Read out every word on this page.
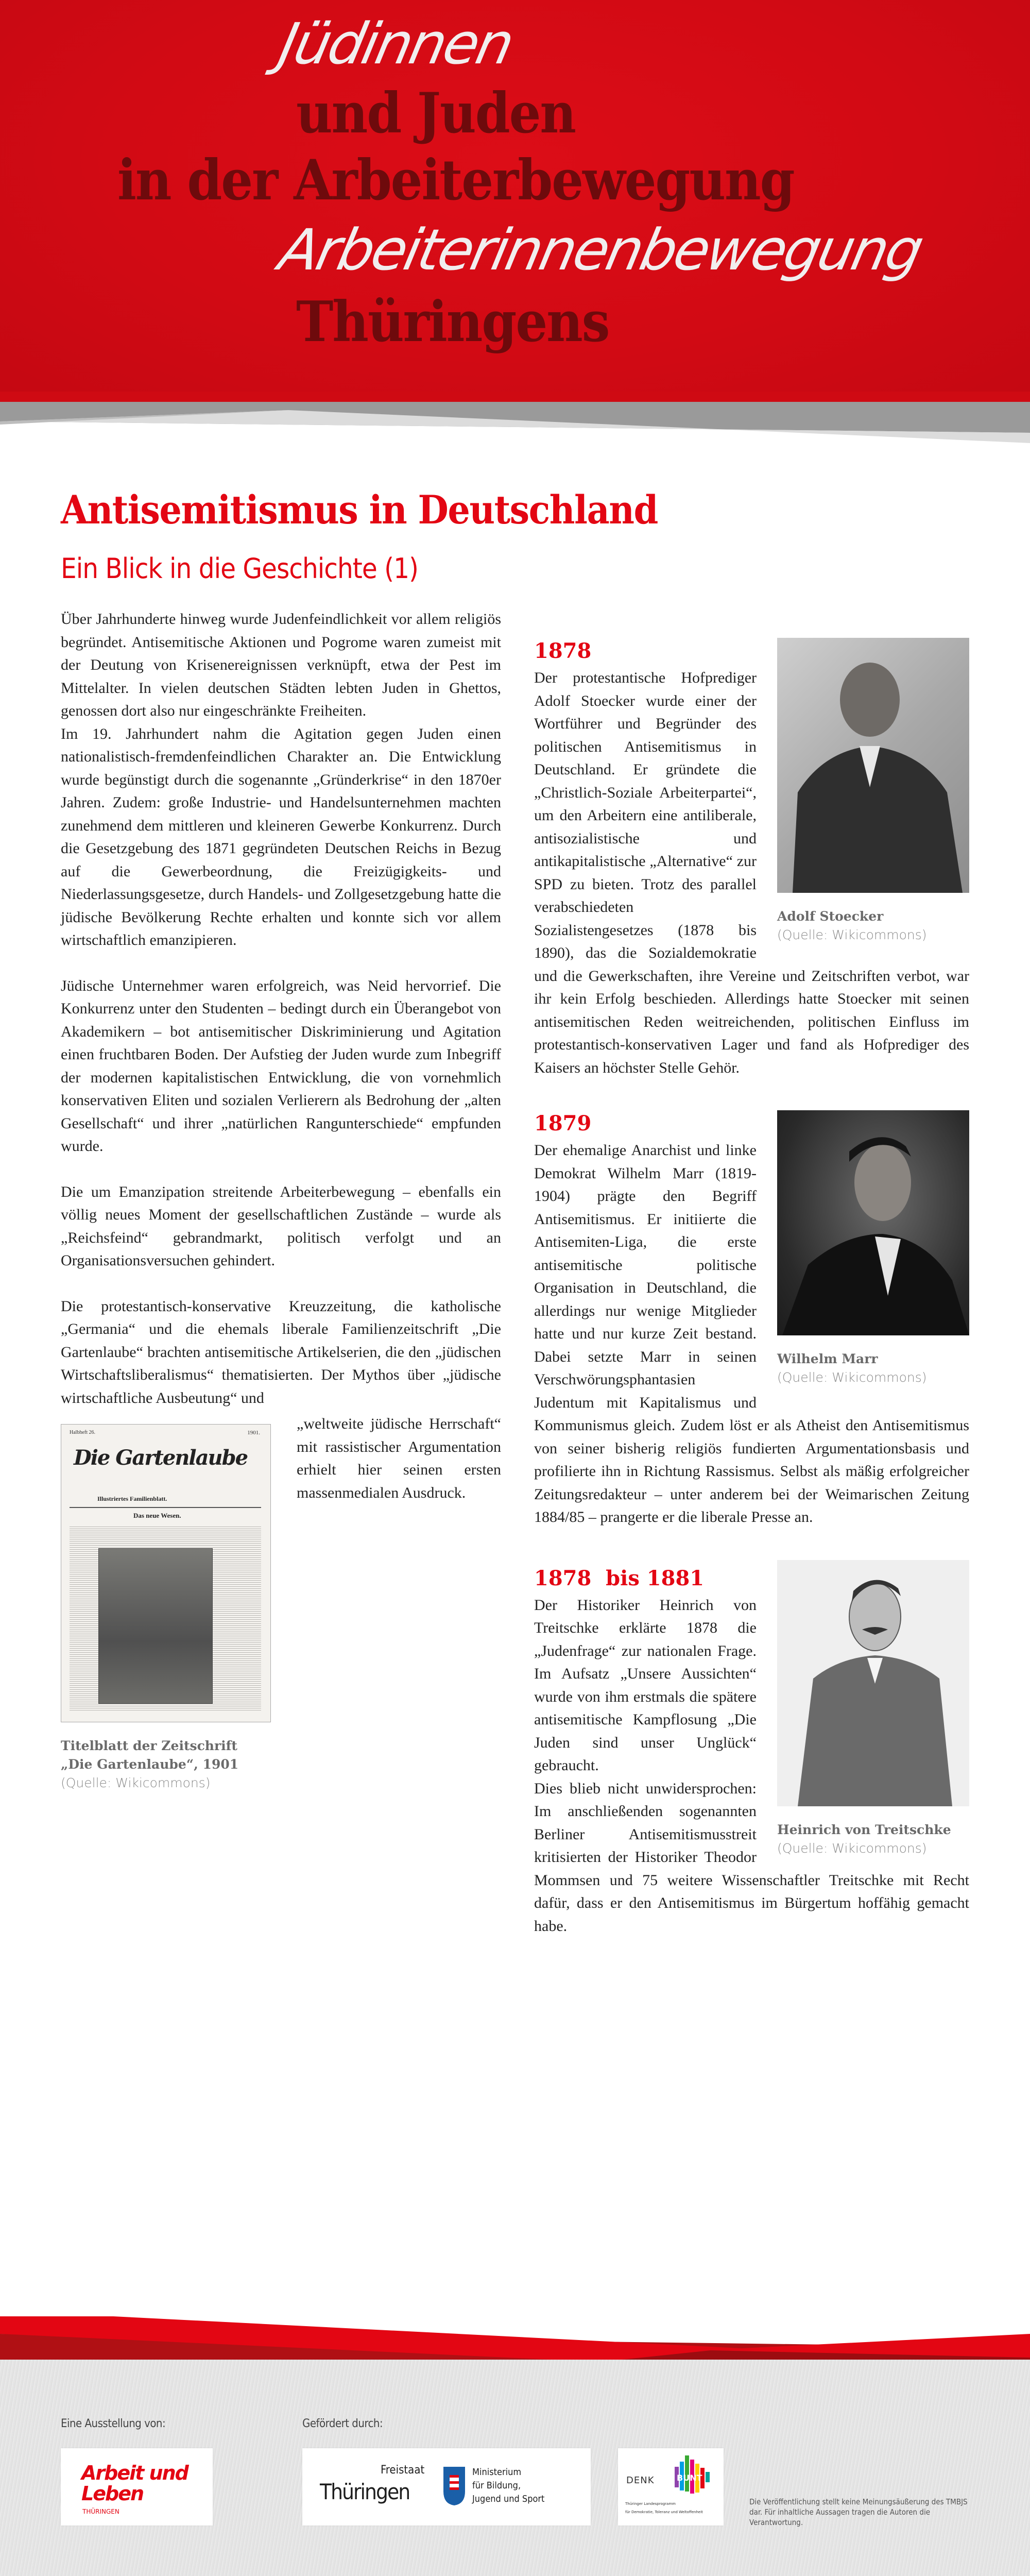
Jüdinnen
und Juden
in der Arbeiterbewegung
Arbeiterinnenbewegung
Thüringens
Antisemitismus in Deutschland
Ein Blick in die Geschichte (1)

Über Jahrhunderte hinweg wurde Judenfeindlichkeit vor allem religiös begründet. Antisemitische Aktionen und Pogrome waren zumeist mit der Deutung von Krisenereignissen verknüpft, etwa der Pest im Mittelalter. In vielen deutschen Städten lebten Juden in Ghettos, genossen dort also nur eingeschränkte Freiheiten.

Im 19. Jahrhundert nahm die Agitation gegen Juden einen nationalistisch-fremdenfeindlichen Charakter an. Die Entwicklung wurde begünstigt durch die sogenannte „Gründerkrise“ in den 1870er Jahren. Zudem: große Industrie- und Handelsunternehmen machten zunehmend dem mittleren und kleineren Gewerbe Konkurrenz. Durch die Gesetzgebung des 1871 gegründeten Deutschen Reichs in Bezug auf die Gewerbeordnung, die Freizügigkeits- und Niederlassungsgesetze, durch Handels- und Zollgesetzgebung hatte die jüdische Bevölkerung Rechte erhalten und konnte sich vor allem wirtschaftlich emanzipieren.

Jüdische Unternehmer waren erfolgreich, was Neid hervorrief. Die Konkurrenz unter den Studenten – bedingt durch ein Überangebot von Akademikern – bot antisemitischer Diskriminierung und Agitation einen fruchtbaren Boden. Der Aufstieg der Juden wurde zum Inbegriff der modernen kapitalistischen Entwicklung, die von vornehmlich konservativen Eliten und sozialen Verlierern als Bedrohung der „alten Gesellschaft“ und ihrer „natürlichen Rangunterschiede“ empfunden wurde.

Die um Emanzipation streitende Arbeiterbewegung – ebenfalls ein völlig neues Moment der gesellschaftlichen Zustände – wurde als „Reichsfeind“ gebrandmarkt, politisch verfolgt und an Organisationsversuchen gehindert.

Die protestantisch-konservative Kreuzzeitung, die katholische „Germania“ und die ehemals liberale Familienzeitschrift „Die Gartenlaube“ brachten antisemitische Artikelserien, die den „jüdischen Wirtschaftsliberalismus“ thematisierten. Der Mythos über „jüdische wirtschaftliche Ausbeutung“ und

Halbheft 26.	1901.
Die Gartenlaube
Illustriertes Familienblatt.
Das neue Wesen.
Titelblatt der Zeitschrift
„Die Gartenlaube“, 1901
(Quelle: Wikicommons)

„weltweite jüdische Herrschaft“ mit rassistischer Argumentation erhielt hier seinen ersten massenmedialen Ausdruck.

Adolf Stoecker
(Quelle: Wikicommons)
1878

Der protestantische Hofprediger Adolf Stoecker wurde einer der Wortführer und Begründer des politischen Antisemitismus in Deutschland. Er gründete die „Christlich-Soziale Arbeiterpartei“, um den Arbeitern eine antiliberale, antisozialistische und antikapitalistische „Alternative“ zur SPD zu bieten. Trotz des parallel verabschiedeten Sozialistengesetzes (1878 bis 1890), das die Sozialdemokratie und die Gewerkschaften, ihre Vereine und Zeitschriften verbot, war ihr kein Erfolg beschieden. Allerdings hatte Stoecker mit seinen antisemitischen Reden weitreichenden, politischen Einfluss im protestantisch-konservativen Lager und fand als Hofprediger des Kaisers an höchster Stelle Gehör.

Wilhelm Marr
(Quelle: Wikicommons)
1879

Der ehemalige Anarchist und linke Demokrat Wilhelm Marr (1819-1904) prägte den Begriff Antisemitismus. Er initiierte die Antisemiten-Liga, die erste antisemitische politische Organisation in Deutschland, die allerdings nur wenige Mitglieder hatte und nur kurze Zeit bestand. Dabei setzte Marr in seinen Verschwörungsphantasien Judentum mit Kapitalismus und Kommunismus gleich. Zudem löst er als Atheist den Antisemitismus von seiner bisherig religiös fundierten Argumentationsbasis und profilierte ihn in Richtung Rassismus. Selbst als mäßig erfolgreicher Zeitungsredakteur – unter anderem bei der Weimarischen Zeitung 1884/85 – prangerte er die liberale Presse an.

Heinrich von Treitschke
(Quelle: Wikicommons)
1878  bis 1881

Der Historiker Heinrich von Treitschke erklärte 1878 die „Judenfrage“ zur nationalen Frage. Im Aufsatz „Unsere Aussichten“ wurde von ihm erstmals die spätere antisemitische Kampflosung „Die Juden sind unser Unglück“ gebraucht.

Dies blieb nicht unwidersprochen: Im anschließenden sogenannten Berliner Antisemitismusstreit kritisierten der Historiker Theodor Mommsen und 75 weitere Wissenschaftler Treitschke mit Recht dafür, dass er den Antisemitismus im Bürgertum hoffähig gemacht habe.

Eine Ausstellung von:	Gefördert durch:
Arbeit und
Leben
THÜRINGEN
Freistaat
Thüringen
Ministerium
für Bildung,
Jugend und Sport
DENK	BUNT
Thüringer Landesprogramm
für Demokratie, Toleranz und Weltoffenheit
Die Veröffentlichung stellt keine Meinungsäußerung des TMBJS dar. Für inhaltliche Aussagen tragen die Autoren die Verantwortung.
